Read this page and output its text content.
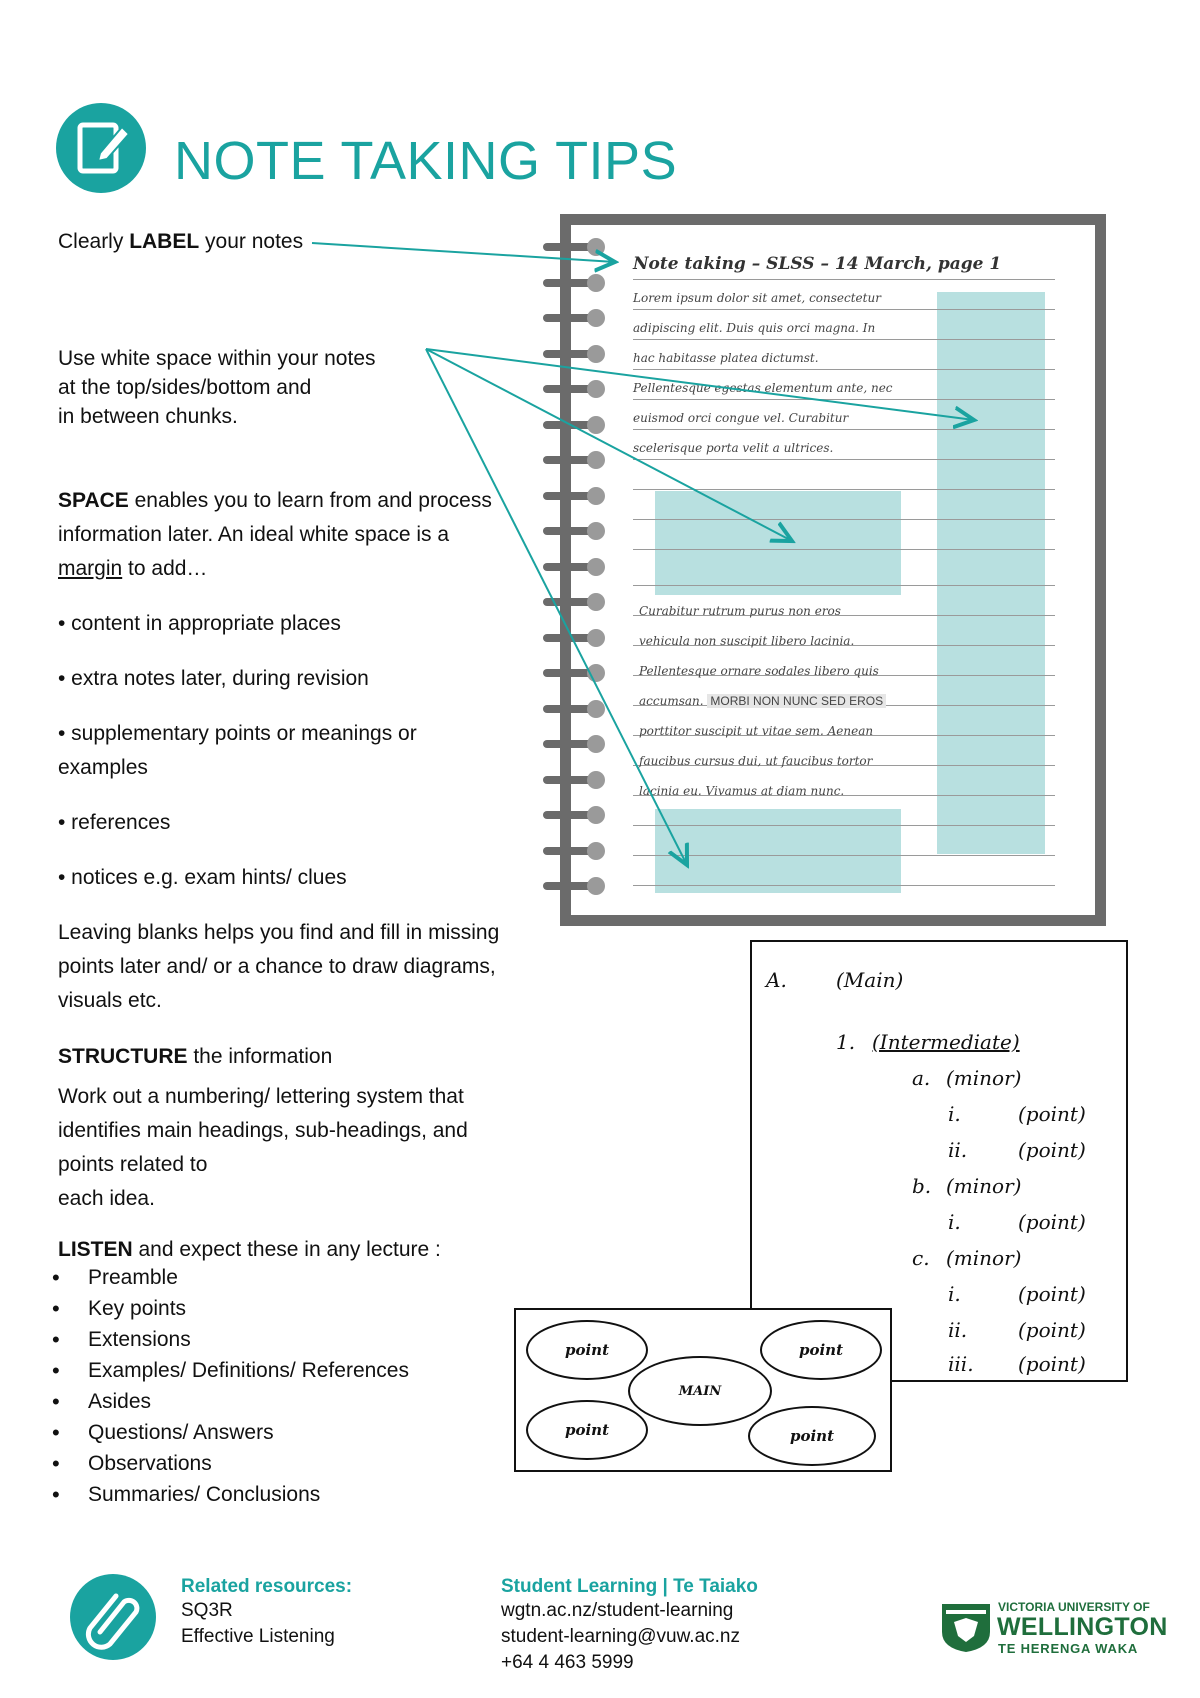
NOTE TAKING TIPS
Clearly LABEL your notes
Use white space within your notes
at the top/sides/bottom and
in between chunks.
SPACE enables you to learn from and process
information later. An ideal white space is a
margin to add…
• content in appropriate places
• extra notes later, during revision
• supplementary points or meanings or
examples
• references
• notices e.g. exam hints/ clues
Leaving blanks helps you find and fill in missing
points later and/ or a chance to draw diagrams,
visuals etc.
STRUCTURE the information
Work out a numbering/ lettering system that
identifies main headings, sub-headings, and
points related to
each idea.
LISTEN and expect these in any lecture :
• Preamble
• Key points
• Extensions
• Examples/ Definitions/ References
• Asides
• Questions/ Answers
• Observations
• Summaries/ Conclusions
Note taking – SLSS – 14 March, page 1
Lorem ipsum dolor sit amet, consectetur
adipiscing elit. Duis quis orci magna. In
hac habitasse platea dictumst.
Pellentesque egestas elementum ante, nec
euismod orci congue vel. Curabitur
scelerisque porta velit a ultrices.
Curabitur rutrum purus non eros
vehicula non suscipit libero lacinia.
Pellentesque ornare sodales libero quis
accumsan. MORBI NON NUNC SED EROS
porttitor suscipit ut vitae sem. Aenean
faucibus cursus dui, ut faucibus tortor
lacinia eu. Vivamus at diam nunc.
A. (Main)
1. (Intermediate)
a. (minor)
i.	(point)
ii.	(point)
b. (minor)
i.	(point)
c. (minor)
i.	(point)
ii.	(point)
iii. (point)
point	point
point	point
MAIN
Related resources:
SQ3R
Effective Listening
Student Learning | Te Taiako
wgtn.ac.nz/student-learning
student-learning@vuw.ac.nz
+64 4 463 5999
VICTORIA UNIVERSITY OF
WELLINGTON
TE HERENGA WAKA
